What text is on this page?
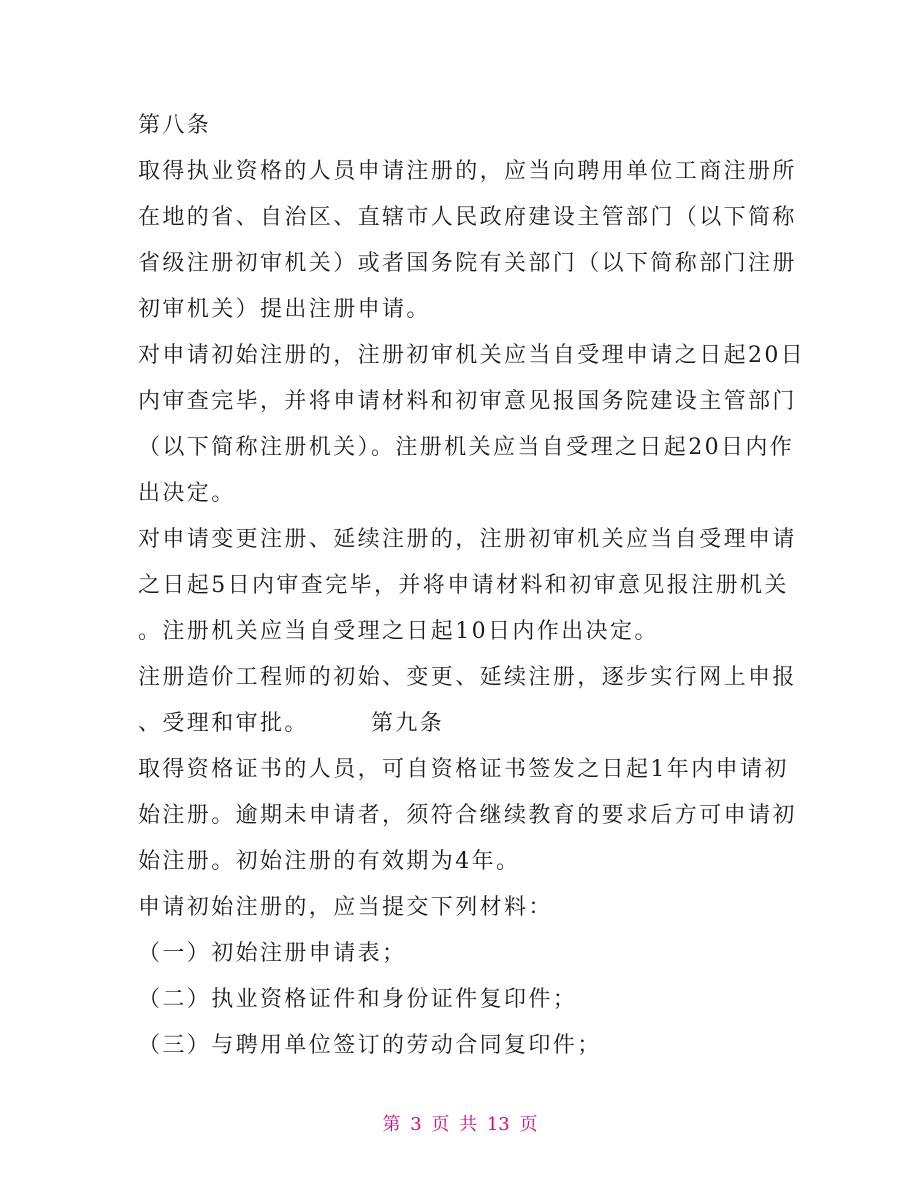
第八条
取得执业资格的人员申请注册的，应当向聘用单位工商注册所
在地的省、自治区、直辖市人民政府建设主管部门（以下简称
省级注册初审机关）或者国务院有关部门（以下简称部门注册
初审机关）提出注册申请。
对申请初始注册的，注册初审机关应当自受理申请之日起20日
内审查完毕，并将申请材料和初审意见报国务院建设主管部门
（以下简称注册机关）。注册机关应当自受理之日起20日内作
出决定。
对申请变更注册、延续注册的，注册初审机关应当自受理申请
之日起5日内审查完毕，并将申请材料和初审意见报注册机关
。注册机关应当自受理之日起10日内作出决定。
注册造价工程师的初始、变更、延续注册，逐步实行网上申报
、受理和审批。　　　第九条
取得资格证书的人员，可自资格证书签发之日起1年内申请初
始注册。逾期未申请者，须符合继续教育的要求后方可申请初
始注册。初始注册的有效期为4年。
申请初始注册的，应当提交下列材料：
（一）初始注册申请表；
（二）执业资格证件和身份证件复印件；
（三）与聘用单位签订的劳动合同复印件；
第 3 页 共 13 页
